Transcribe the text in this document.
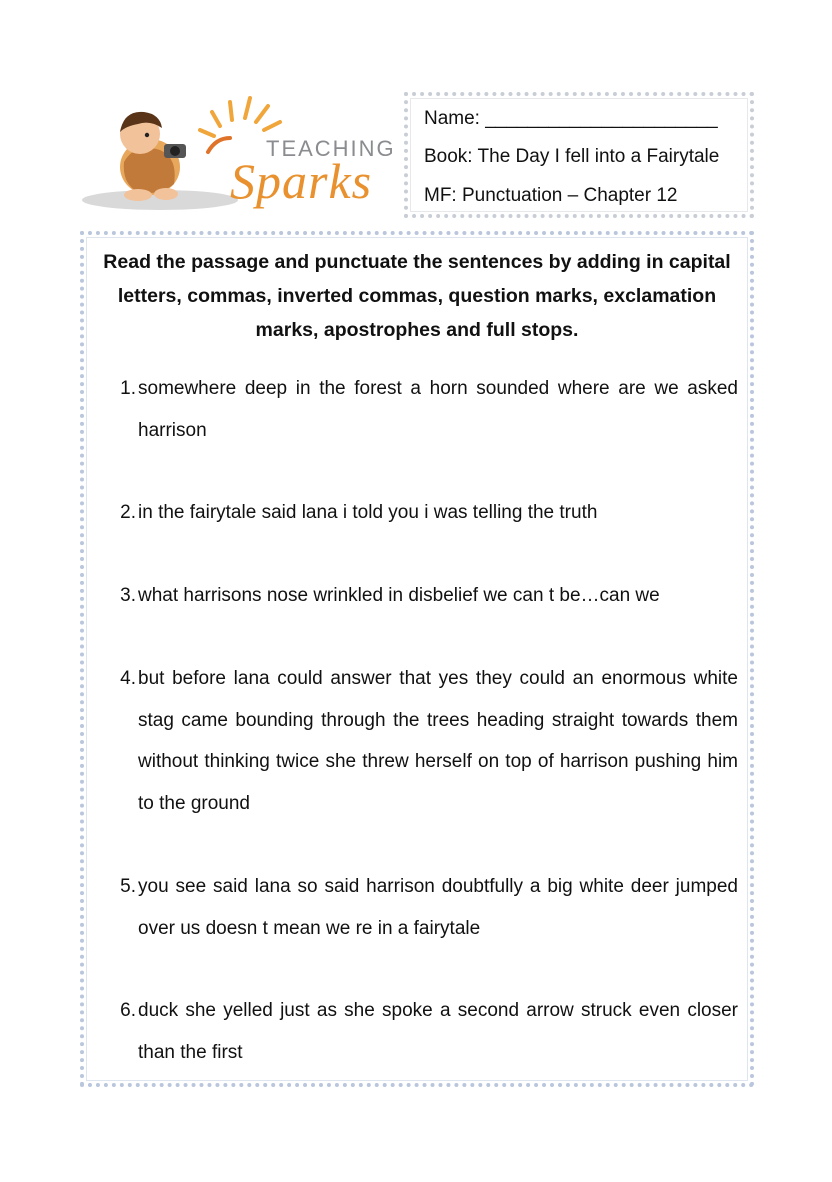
TEACHING
Sparks
Name: ______________________
Book: The Day I fell into a Fairytale
MF: Punctuation – Chapter 12
Read the passage and punctuate the sentences by adding in capital letters, commas, inverted commas, question marks, exclamation marks, apostrophes and full stops.
1. somewhere deep in the forest a horn sounded where are we asked harrison
2. in the fairytale said lana i told you i was telling the truth
3. what harrisons nose wrinkled in disbelief we can t be…can we
4. but before lana could answer that yes they could an enormous white stag came bounding through the trees heading straight towards them without thinking twice she threw herself on top of harrison pushing him to the ground
5. you see said lana so said harrison doubtfully a big white deer jumped over us doesn t mean we re in a fairytale
6. duck she yelled just as she spoke a second arrow struck even closer than the first
